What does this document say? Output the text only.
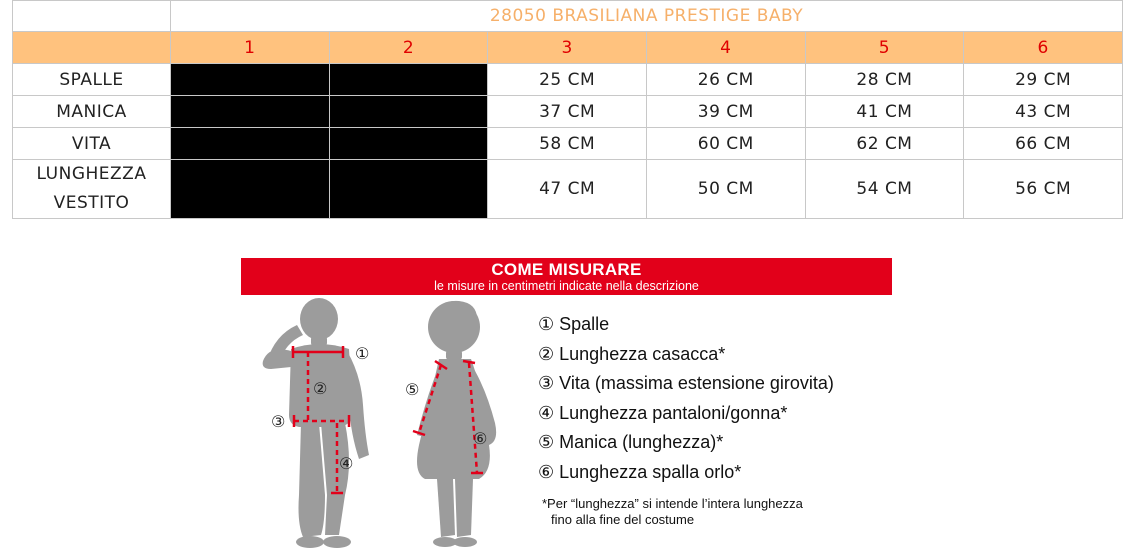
	28050 BRASILIANA PRESTIGE BABY					
	1	2	3	4	5	6
SPALLE			25 CM	26 CM	28 CM	29 CM
MANICA			37 CM	39 CM	41 CM	43 CM
VITA			58 CM	60 CM	62 CM	66 CM
LUNGHEZZA
VESTITO			47 CM	50 CM	54 CM	56 CM
COME MISURARE
le misure in centimetri indicate nella descrizione
①
②
③
④
⑤
⑥
① Spalle
② Lunghezza casacca*
③ Vita (massima estensione girovita)
④ Lunghezza pantaloni/gonna*
⑤ Manica (lunghezza)*
⑥ Lunghezza spalla orlo*
*Per “lunghezza” si intende l’intera lunghezza
fino alla fine del costume
